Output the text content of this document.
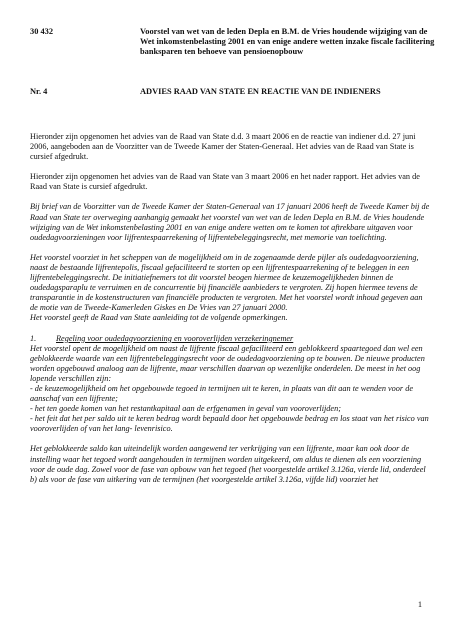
30 432	Voorstel van wet van de leden Depla en B.M. de Vries houdende wijziging van de Wet inkomstenbelasting 2001 en van enige andere wetten inzake fiscale facilitering banksparen ten behoeve van pensioenopbouw
Nr. 4	ADVIES RAAD VAN STATE EN REACTIE VAN DE INDIENERS

Hieronder zijn opgenomen het advies van de Raad van State d.d. 3 maart 2006 en de reactie van indiener d.d. 27 juni 2006, aangeboden aan de Voorzitter van de Tweede Kamer der Staten-Generaal. Het advies van de Raad van State is cursief afgedrukt.

Hieronder zijn opgenomen het advies van de Raad van State van 3 maart 2006 en het nader rapport. Het advies van de Raad van State is cursief afgedrukt.

Bij brief van de Voorzitter van de Tweede Kamer der Staten-Generaal van 17 januari 2006 heeft de Tweede Kamer bij de Raad van State ter overweging aanhangig gemaakt het voorstel van wet van de leden Depla en B.M. de Vries houdende wijziging van de Wet inkomstenbelasting 2001 en van enige andere wetten om te komen tot aftrekbare uitgaven voor oudedagvoorzieningen voor lijfrentespaarrekening of lijfrentebeleggingsrecht, met memorie van toelichting.

Het voorstel voorziet in het scheppen van de mogelijkheid om in de zogenaamde derde pijler als oudedagvoorziening, naast de bestaande lijfrentepolis, fiscaal gefaciliteerd te storten op een lijfrentespaarrekening of te beleggen in een lijfrentebeleggingsrecht. De initiatiefnemers tot dit voorstel beogen hiermee de keuzemogelijkheden binnen de oudedagsparaplu te verruimen en de concurrentie bij financiële aanbieders te vergroten. Zij hopen hiermee tevens de transparantie in de kostenstructuren van financiële producten te vergroten. Met het voorstel wordt inhoud gegeven aan de motie van de Tweede-Kamerleden Giskes en De Vries van 27 januari 2000.

Het voorstel geeft de Raad van State aanleiding tot de volgende opmerkingen.

1.	Regeling voor oudedagvoorziening en vooroverlijden verzekeringnemer

Het voorstel opent de mogelijkheid om naast de lijfrente fiscaal gefaciliteerd een geblokkeerd spaartegoed dan wel een geblokkeerde waarde van een lijfrentebeleggingsrecht voor de oudedagvoorziening op te bouwen. De nieuwe producten worden opgebouwd analoog aan de lijfrente, maar verschillen daarvan op wezenlijke onderdelen. De meest in het oog lopende verschillen zijn:

- de keuzemogelijkheid om het opgebouwde tegoed in termijnen uit te keren, in plaats van dit aan te wenden voor de aanschaf van een lijfrente;

- het ten goede komen van het restantkapitaal aan de erfgenamen in geval van vooroverlijden;

- het feit dat het per saldo uit te keren bedrag wordt bepaald door het opgebouwde bedrag en los staat van het risico van vooroverlijden of van het lang- levenrisico.

Het geblokkeerde saldo kan uiteindelijk worden aangewend ter verkrijging van een lijfrente, maar kan ook door de instelling waar het tegoed wordt aangehouden in termijnen worden uitgekeerd, om aldus te dienen als een voorziening voor de oude dag. Zowel voor de fase van opbouw van het tegoed (het voorgestelde artikel 3.126a, vierde lid, onderdeel b) als voor de fase van uitkering van de termijnen (het voorgestelde artikel 3.126a, vijfde lid) voorziet het

1
